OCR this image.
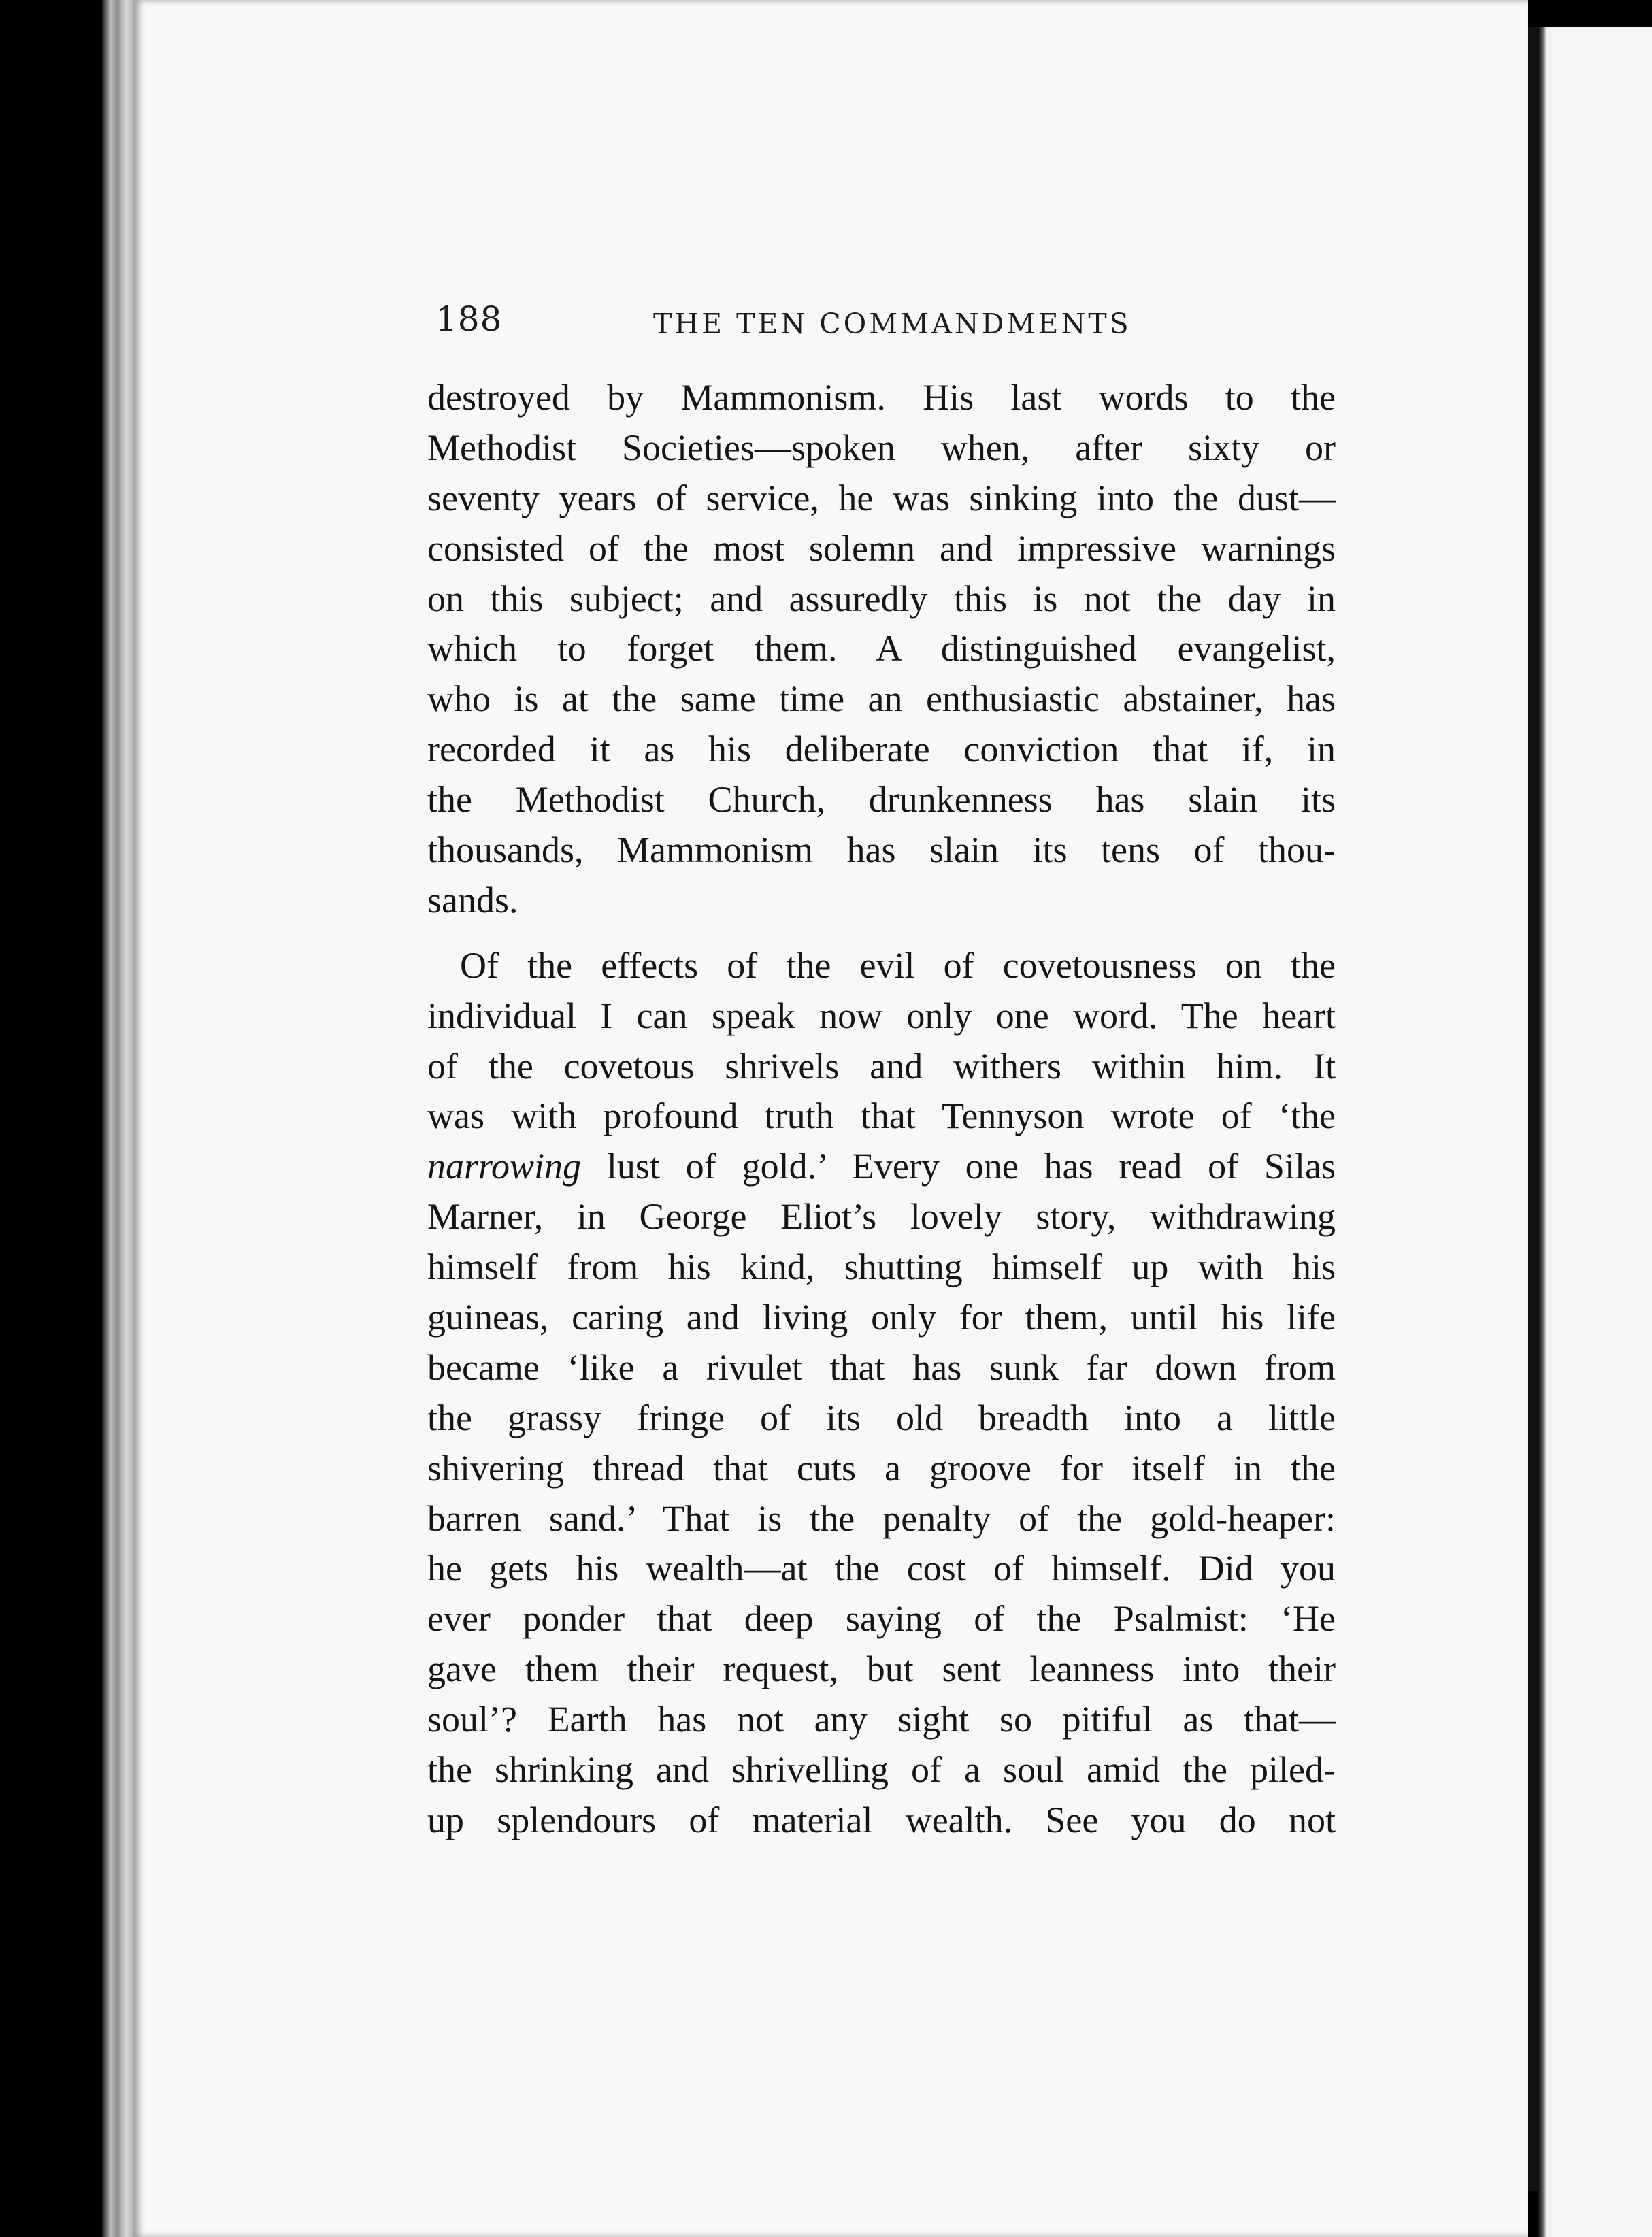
188	THE TEN COMMANDMENTS
destroyed by Mammonism. His last words to the
Methodist Societies—spoken when, after sixty or
seventy years of service, he was sinking into the dust—
consisted of the most solemn and impressive warnings
on this subject; and assuredly this is not the day in
which to forget them. A distinguished evangelist,
who is at the same time an enthusiastic abstainer, has
recorded it as his deliberate conviction that if, in
the Methodist Church, drunkenness has slain its
thousands, Mammonism has slain its tens of thou-
sands.
Of the effects of the evil of covetousness on the
individual I can speak now only one word. The heart
of the covetous shrivels and withers within him. It
was with profound truth that Tennyson wrote of ‘the
narrowing lust of gold.’ Every one has read of Silas
Marner, in George Eliot’s lovely story, withdrawing
himself from his kind, shutting himself up with his
guineas, caring and living only for them, until his life
became ‘like a rivulet that has sunk far down from
the grassy fringe of its old breadth into a little
shivering thread that cuts a groove for itself in the
barren sand.’ That is the penalty of the gold-heaper:
he gets his wealth—at the cost of himself. Did you
ever ponder that deep saying of the Psalmist: ‘He
gave them their request, but sent leanness into their
soul’? Earth has not any sight so pitiful as that—
the shrinking and shrivelling of a soul amid the piled-
up splendours of material wealth. See you do not
